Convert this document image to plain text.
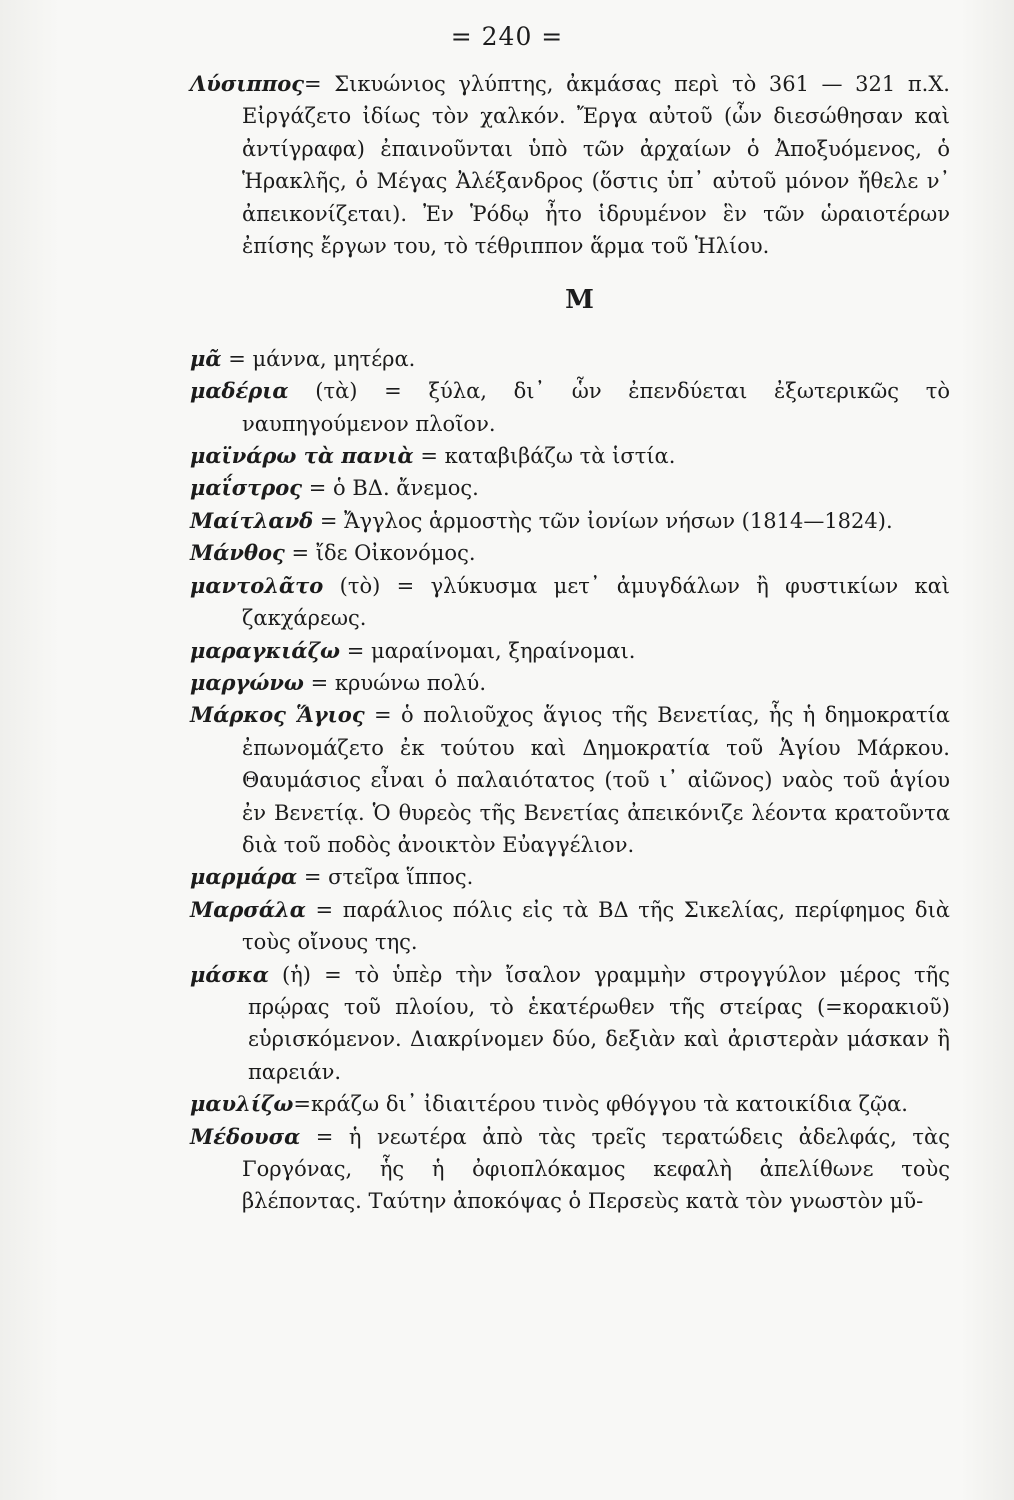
= 240 =
Λύσιππος= Σικυώνιος γλύπτης, ἀκμάσας περὶ τὸ 361 — 321 π.Χ. Εἰργάζετο ἰδίως τὸν χαλκόν. Ἔργα αὐτοῦ (ὧν διεσώθησαν καὶ ἀντίγραφα) ἐπαινοῦνται ὑπὸ τῶν ἀρχαίων ὁ Ἀποξυόμενος, ὁ Ἡρακλῆς, ὁ Μέγας Ἀλέξανδρος (ὅστις ὑπ᾽ αὐτοῦ μόνον ἤθελε ν᾽ ἀπεικονίζεται). Ἐν Ῥόδῳ ἦτο ἱδρυμένον ἓν τῶν ὡραιοτέρων ἐπίσης ἔργων του, τὸ τέθριππον ἅρμα τοῦ Ἡλίου.
Μ
μᾶ = μάννα, μητέρα.
μαδέρια (τὰ) = ξύλα, δι᾽ ὧν ἐπενδύεται ἐξωτερικῶς τὸ ναυπηγούμενον πλοῖον.
μαϊνάρω τὰ πανιὰ = καταβιβάζω τὰ ἱστία.
μαΐστρος = ὁ ΒΔ. ἄνεμος.
Μαίτλανδ = Ἄγγλος ἁρμοστὴς τῶν ἰονίων νήσων (1814—1824).
Μάνθος = ἴδε Οἰκονόμος.
μαντολᾶτο (τὸ) = γλύκυσμα μετ᾽ ἀμυγδάλων ἢ φυστικίων καὶ ζακχάρεως.
μαραγκιάζω = μαραίνομαι, ξηραίνομαι.
μαργώνω = κρυώνω πολύ.
Μάρκος Ἅγιος = ὁ πολιοῦχος ἅγιος τῆς Βενετίας, ἧς ἡ δημοκρατία ἐπωνομάζετο ἐκ τούτου καὶ Δημοκρατία τοῦ Ἁγίου Μάρκου. Θαυμάσιος εἶναι ὁ παλαιότατος (τοῦ ι᾽ αἰῶνος) ναὸς τοῦ ἁγίου ἐν Βενετίᾳ. Ὁ θυρεὸς τῆς Βενετίας ἀπεικόνιζε λέοντα κρατοῦντα διὰ τοῦ ποδὸς ἀνοικτὸν Εὐαγγέλιον.
μαρμάρα = στεῖρα ἵππος.
Μαρσάλα = παράλιος πόλις εἰς τὰ ΒΔ τῆς Σικελίας, περίφημος διὰ τοὺς οἴνους της.
μάσκα (ἡ) = τὸ ὑπὲρ τὴν ἴσαλον γραμμὴν στρογγύλον μέρος τῆς πρῴρας τοῦ πλοίου, τὸ ἑκατέρωθεν τῆς στείρας (=κορακιοῦ) εὑρισκόμενον. Διακρίνομεν δύο, δεξιὰν καὶ ἀριστερὰν μάσκαν ἢ παρειάν.
μαυλίζω=κράζω δι᾽ ἰδιαιτέρου τινὸς φθόγγου τὰ κατοικίδια ζῷα.
Μέδουσα = ἡ νεωτέρα ἀπὸ τὰς τρεῖς τερατώδεις ἀδελφάς, τὰς Γοργόνας, ἧς ἡ ὀφιοπλόκαμος κεφαλὴ ἀπελίθωνε τοὺς βλέποντας. Ταύτην ἀποκόψας ὁ Περσεὺς κατὰ τὸν γνωστὸν μῦ-
